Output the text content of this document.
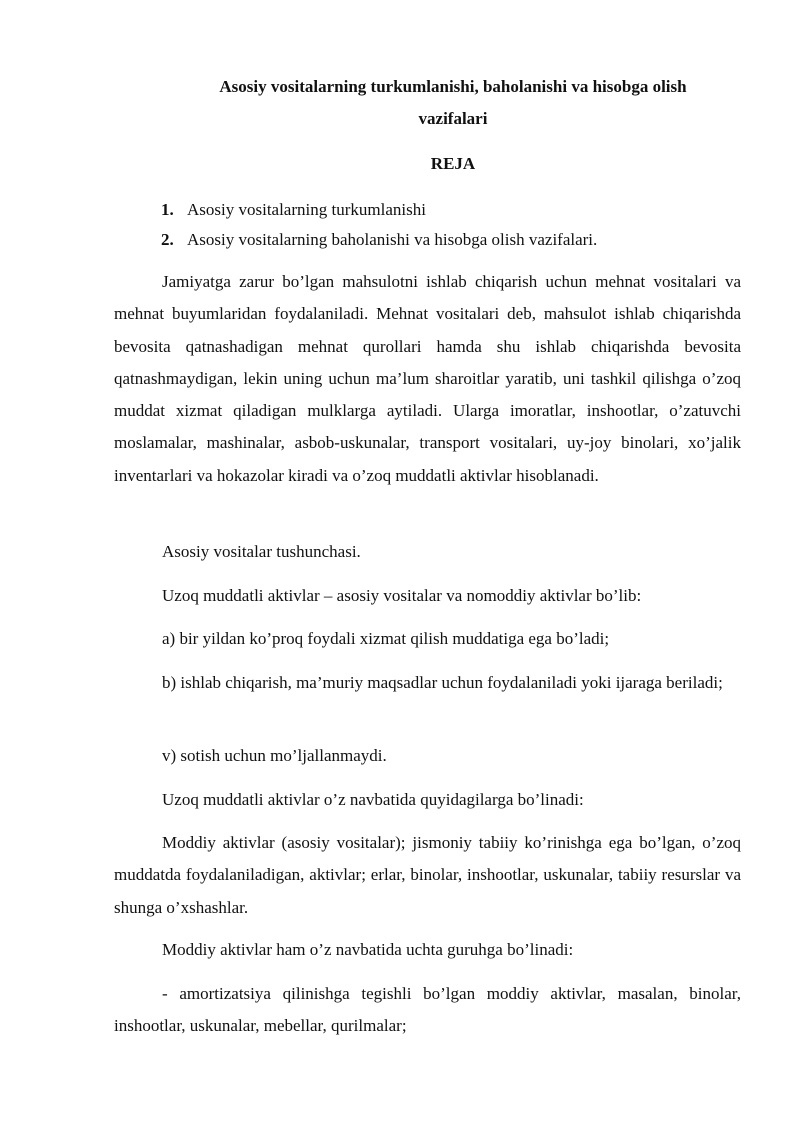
Asosiy vositalarning turkumlanishi, baholanishi va hisobga olish
vazifalari
REJA
1. Asosiy vositalarning turkumlanishi
2. Asosiy vositalarning baholanishi va hisobga olish vazifalari.

Jamiyatga zarur bo’lgan mahsulotni ishlab chiqarish uchun mehnat vositalari va mehnat buyumlaridan foydalaniladi. Mehnat vositalari deb, mahsulot ishlab chiqarishda bevosita qatnashadigan mehnat qurollari hamda shu ishlab chiqarishda bevosita qatnashmaydigan, lekin uning uchun ma’lum sharoitlar yaratib, uni tashkil qilishga o’zoq muddat xizmat qiladigan mulklarga aytiladi. Ularga imoratlar, inshootlar, o’zatuvchi moslamalar, mashinalar, asbob-uskunalar, transport vositalari, uy-joy binolari, xo’jalik inventarlari va hokazolar kiradi va o’zoq muddatli aktivlar hisoblanadi.

Asosiy vositalar tushunchasi.

Uzoq muddatli aktivlar – asosiy vositalar va nomoddiy aktivlar bo’lib:

a) bir yildan ko’proq foydali xizmat qilish muddatiga ega bo’ladi;

b) ishlab chiqarish, ma’muriy maqsadlar uchun foydalaniladi yoki ijaraga beriladi;

v) sotish uchun mo’ljallanmaydi.

Uzoq muddatli aktivlar o’z navbatida quyidagilarga bo’linadi:

Moddiy aktivlar (asosiy vositalar); jismoniy tabiiy ko’rinishga ega bo’lgan, o’zoq muddatda foydalaniladigan, aktivlar; erlar, binolar, inshootlar, uskunalar, tabiiy resurslar va shunga o’xshashlar.

Moddiy aktivlar ham o’z navbatida uchta guruhga bo’linadi:

- amortizatsiya qilinishga tegishli bo’lgan moddiy aktivlar, masalan, binolar, inshootlar, uskunalar, mebellar, qurilmalar;
